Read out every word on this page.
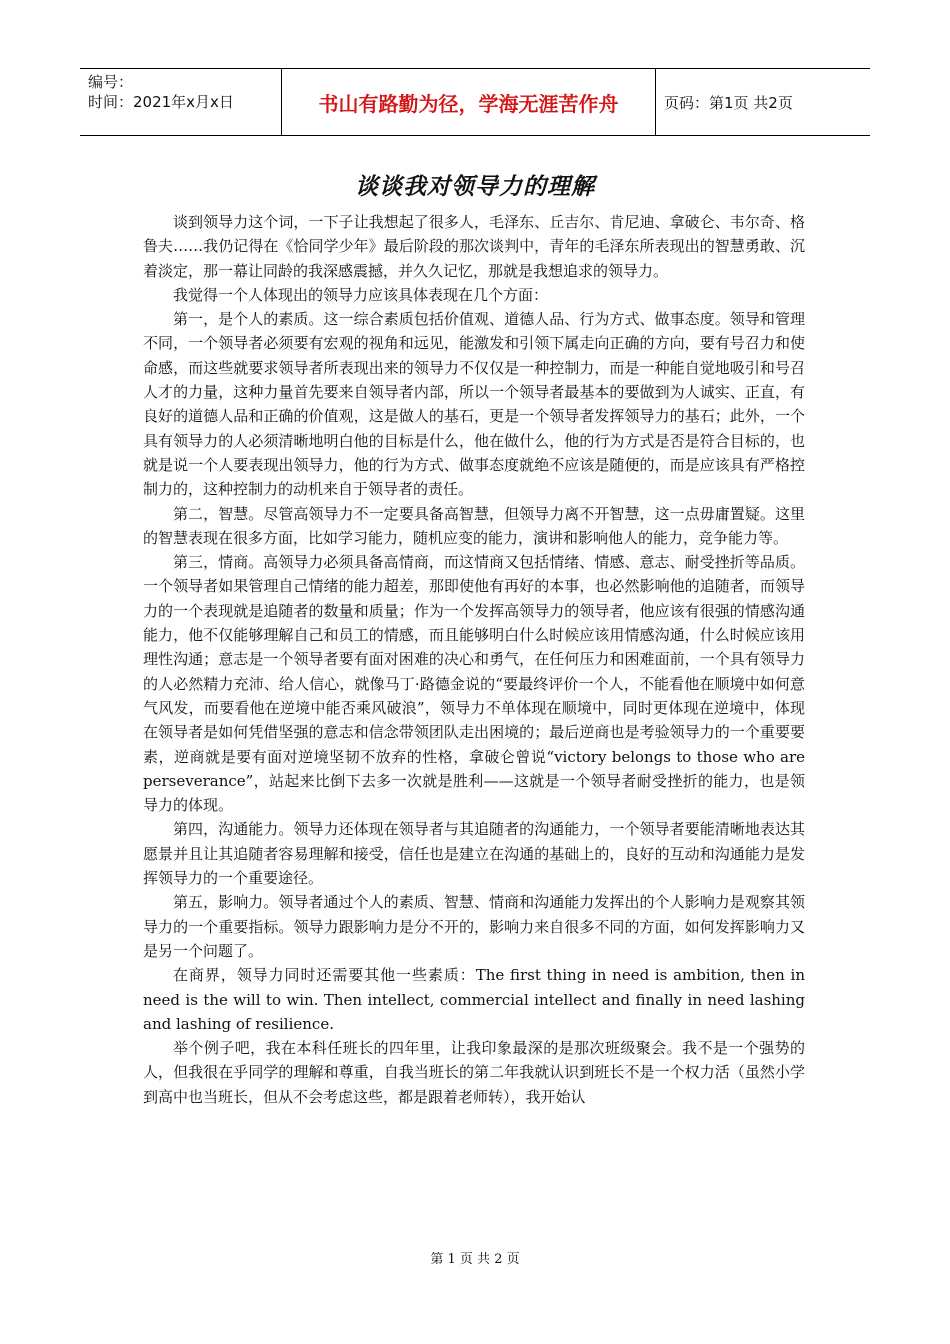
编号：
时间：2021年x月x日	书山有路勤为径，学海无涯苦作舟	页码：第1页 共2页
谈谈我对领导力的理解

谈到领导力这个词，一下子让我想起了很多人，毛泽东、丘吉尔、肯尼迪、拿破仑、韦尔奇、格鲁夫……我仍记得在《恰同学少年》最后阶段的那次谈判中，青年的毛泽东所表现出的智慧勇敢、沉着淡定，那一幕让同龄的我深感震撼，并久久记忆，那就是我想追求的领导力。

我觉得一个人体现出的领导力应该具体表现在几个方面：

第一，是个人的素质。这一综合素质包括价值观、道德人品、行为方式、做事态度。领导和管理不同，一个领导者必须要有宏观的视角和远见，能激发和引领下属走向正确的方向，要有号召力和使命感，而这些就要求领导者所表现出来的领导力不仅仅是一种控制力，而是一种能自觉地吸引和号召人才的力量，这种力量首先要来自领导者内部，所以一个领导者最基本的要做到为人诚实、正直，有良好的道德人品和正确的价值观，这是做人的基石，更是一个领导者发挥领导力的基石；此外，一个具有领导力的人必须清晰地明白他的目标是什么，他在做什么，他的行为方式是否是符合目标的，也就是说一个人要表现出领导力，他的行为方式、做事态度就绝不应该是随便的，而是应该具有严格控制力的，这种控制力的动机来自于领导者的责任。

第二，智慧。尽管高领导力不一定要具备高智慧，但领导力离不开智慧，这一点毋庸置疑。这里的智慧表现在很多方面，比如学习能力，随机应变的能力，演讲和影响他人的能力，竞争能力等。

第三，情商。高领导力必须具备高情商，而这情商又包括情绪、情感、意志、耐受挫折等品质。一个领导者如果管理自己情绪的能力超差，那即使他有再好的本事，也必然影响他的追随者，而领导力的一个表现就是追随者的数量和质量；作为一个发挥高领导力的领导者，他应该有很强的情感沟通能力，他不仅能够理解自己和员工的情感，而且能够明白什么时候应该用情感沟通，什么时候应该用理性沟通；意志是一个领导者要有面对困难的决心和勇气，在任何压力和困难面前，一个具有领导力的人必然精力充沛、给人信心，就像马丁·路德金说的“要最终评价一个人，不能看他在顺境中如何意气风发，而要看他在逆境中能否乘风破浪”，领导力不单体现在顺境中，同时更体现在逆境中，体现在领导者是如何凭借坚强的意志和信念带领团队走出困境的；最后逆商也是考验领导力的一个重要要素，逆商就是要有面对逆境坚韧不放弃的性格，拿破仑曾说“victory belongs to those who are perseverance”，站起来比倒下去多一次就是胜利——这就是一个领导者耐受挫折的能力，也是领导力的体现。

第四，沟通能力。领导力还体现在领导者与其追随者的沟通能力，一个领导者要能清晰地表达其愿景并且让其追随者容易理解和接受，信任也是建立在沟通的基础上的，良好的互动和沟通能力是发挥领导力的一个重要途径。

第五，影响力。领导者通过个人的素质、智慧、情商和沟通能力发挥出的个人影响力是观察其领导力的一个重要指标。领导力跟影响力是分不开的，影响力来自很多不同的方面，如何发挥影响力又是另一个问题了。

在商界，领导力同时还需要其他一些素质：The first thing in need is ambition, then in need is the will to win. Then intellect, commercial intellect and finally in need lashing and lashing of resilience.

举个例子吧，我在本科任班长的四年里，让我印象最深的是那次班级聚会。我不是一个强势的人，但我很在乎同学的理解和尊重，自我当班长的第二年我就认识到班长不是一个权力活（虽然小学到高中也当班长，但从不会考虑这些，都是跟着老师转），我开始认

第 1 页 共 2 页
